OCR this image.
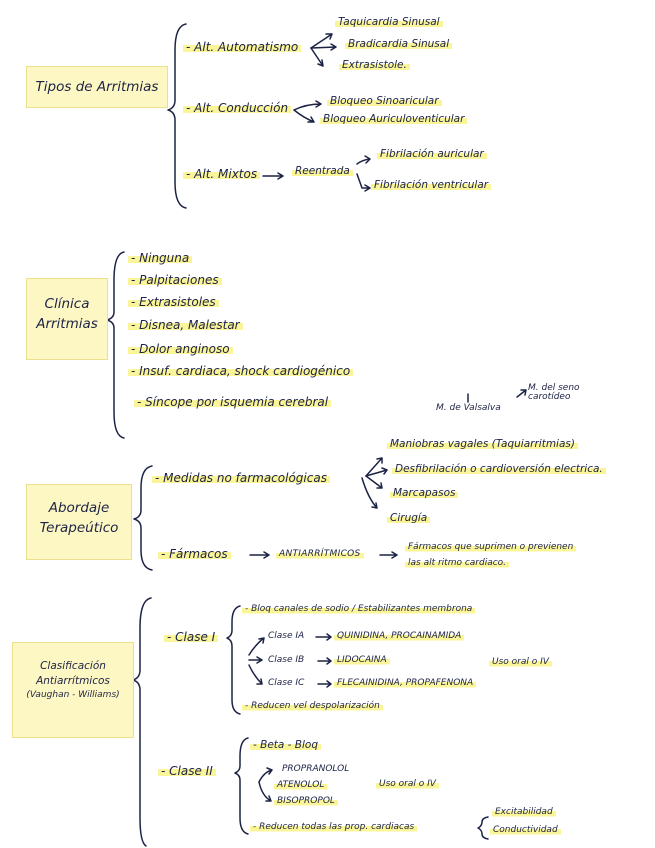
Tipos de Arritmias
- Alt. Automatismo
Taquicardia Sinusal
Bradicardia Sinusal
Extrasistole.
- Alt. Conducción	Bloqueo Sinoaricular
Bloqueo Auriculoventicular
- Alt. Mixtos	Reentrada
Fibrilación auricular
Fibrilación ventricular
Clínica
Arritmias
- Ninguna
- Palpitaciones
- Extrasistoles
- Disnea, Malestar
- Dolor anginoso
- Insuf. cardiaca, shock cardiogénico
- Síncope por isquemia cerebral
Abordaje
Terapeútico
M. de Valsalva
M. del seno carotídeo
- Medidas no farmacológicas
Maniobras vagales (Taquiarritmias)
Desfibrilación o cardioversión electrica.
Marcapasos
Cirugía
- Fármacos	ANTIARRÍTMICOS
Fármacos que suprimen o previenen
las alt ritmo cardiaco.
Clasificación
Antiarrítmicos
(Vaughan - Williams)
- Clase I
- Bloq canales de sodio / Estabilizantes membrona
Clase IA	QUINIDINA, PROCAINAMIDA
Clase IB	LIDOCAINA	Uso oral o IV
Clase IC	FLECAINIDINA, PROPAFENONA
- Reducen vel despolarización
- Clase II
- Beta - Bloq
PROPRANOLOL
ATENOLOL
BISOPROPOL
Uso oral o IV
- Reducen todas las prop. cardiacas
Excitabilidad
Conductividad
